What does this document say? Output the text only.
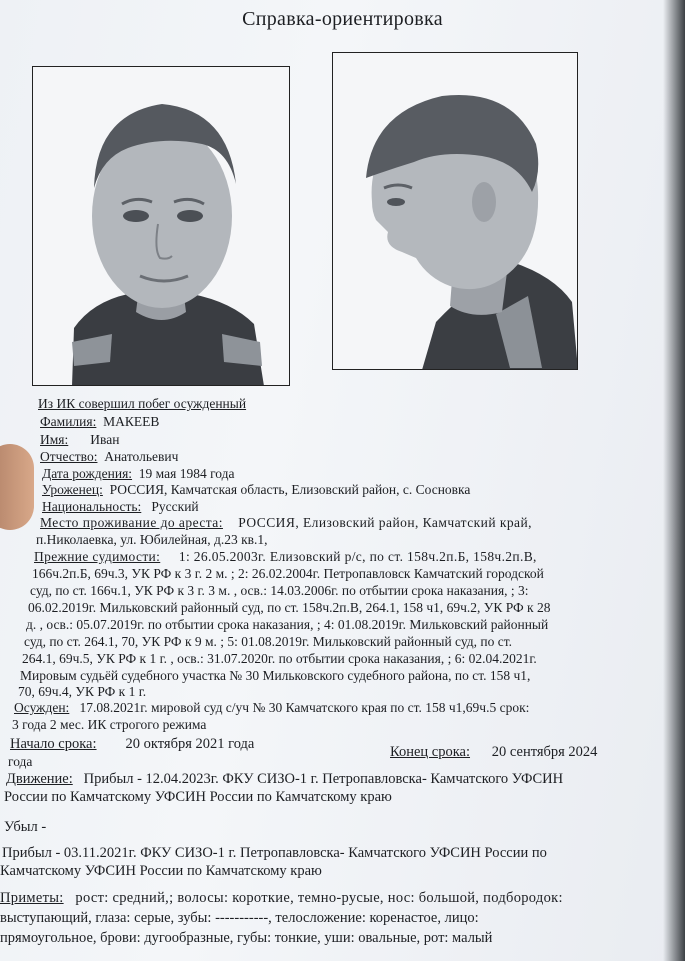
Справка-ориентировка
Из ИК совершил побег осужденный
Фамилия: МАКЕЕВ
Имя: Иван
Отчество: Анатольевич
Дата рождения: 19 мая 1984 года
Уроженец: РОССИЯ, Камчатская область, Елизовский район, с. Сосновка
Национальность: Русский
Место проживание до ареста: РОССИЯ, Елизовский район, Камчатский край,
п.Николаевка, ул. Юбилейная, д.23 кв.1,
Прежние судимости: 1: 26.05.2003г. Елизовский р/с, по ст. 158ч.2п.Б, 158ч.2п.В,
166ч.2п.Б, 69ч.3, УК РФ к 3 г. 2 м. ; 2: 26.02.2004г. Петропавловск Камчатский городской
суд, по ст. 166ч.1, УК РФ к 3 г. 3 м. , осв.: 14.03.2006г. по отбытии срока наказания, ; 3:
06.02.2019г. Мильковский районный суд, по ст. 158ч.2п.В, 264.1, 158 ч1, 69ч.2, УК РФ к 28
д. , осв.: 05.07.2019г. по отбытии срока наказания, ; 4: 01.08.2019г. Мильковский районный
суд, по ст. 264.1, 70, УК РФ к 9 м. ; 5: 01.08.2019г. Мильковский районный суд, по ст.
264.1, 69ч.5, УК РФ к 1 г. , осв.: 31.07.2020г. по отбытии срока наказания, ; 6: 02.04.2021г.
Мировым судьёй судебного участка № 30 Мильковского судебного района, по ст. 158 ч1,
70, 69ч.4, УК РФ к 1 г.
Осужден: 17.08.2021г. мировой суд с/уч № 30 Камчатского края по ст. 158 ч1,69ч.5 срок:
3 года 2 мес. ИК строгого режима
Начало срока: 20 октября 2021 года
года
Конец срока: 20 сентября 2024
Движение: Прибыл - 12.04.2023г. ФКУ СИЗО-1 г. Петропавловска- Камчатского УФСИН
России по Камчатскому УФСИН России по Камчатскому краю
Убыл -
Прибыл - 03.11.2021г. ФКУ СИЗО-1 г. Петропавловска- Камчатского УФСИН России по
Камчатскому УФСИН России по Камчатскому краю
Приметы: рост: средний,; волосы: короткие, темно-русые, нос: большой, подбородок:
выступающий, глаза: серые, зубы: -----------, телосложение: коренастое, лицо:
прямоугольное, брови: дугообразные, губы: тонкие, уши: овальные, рот: малый
